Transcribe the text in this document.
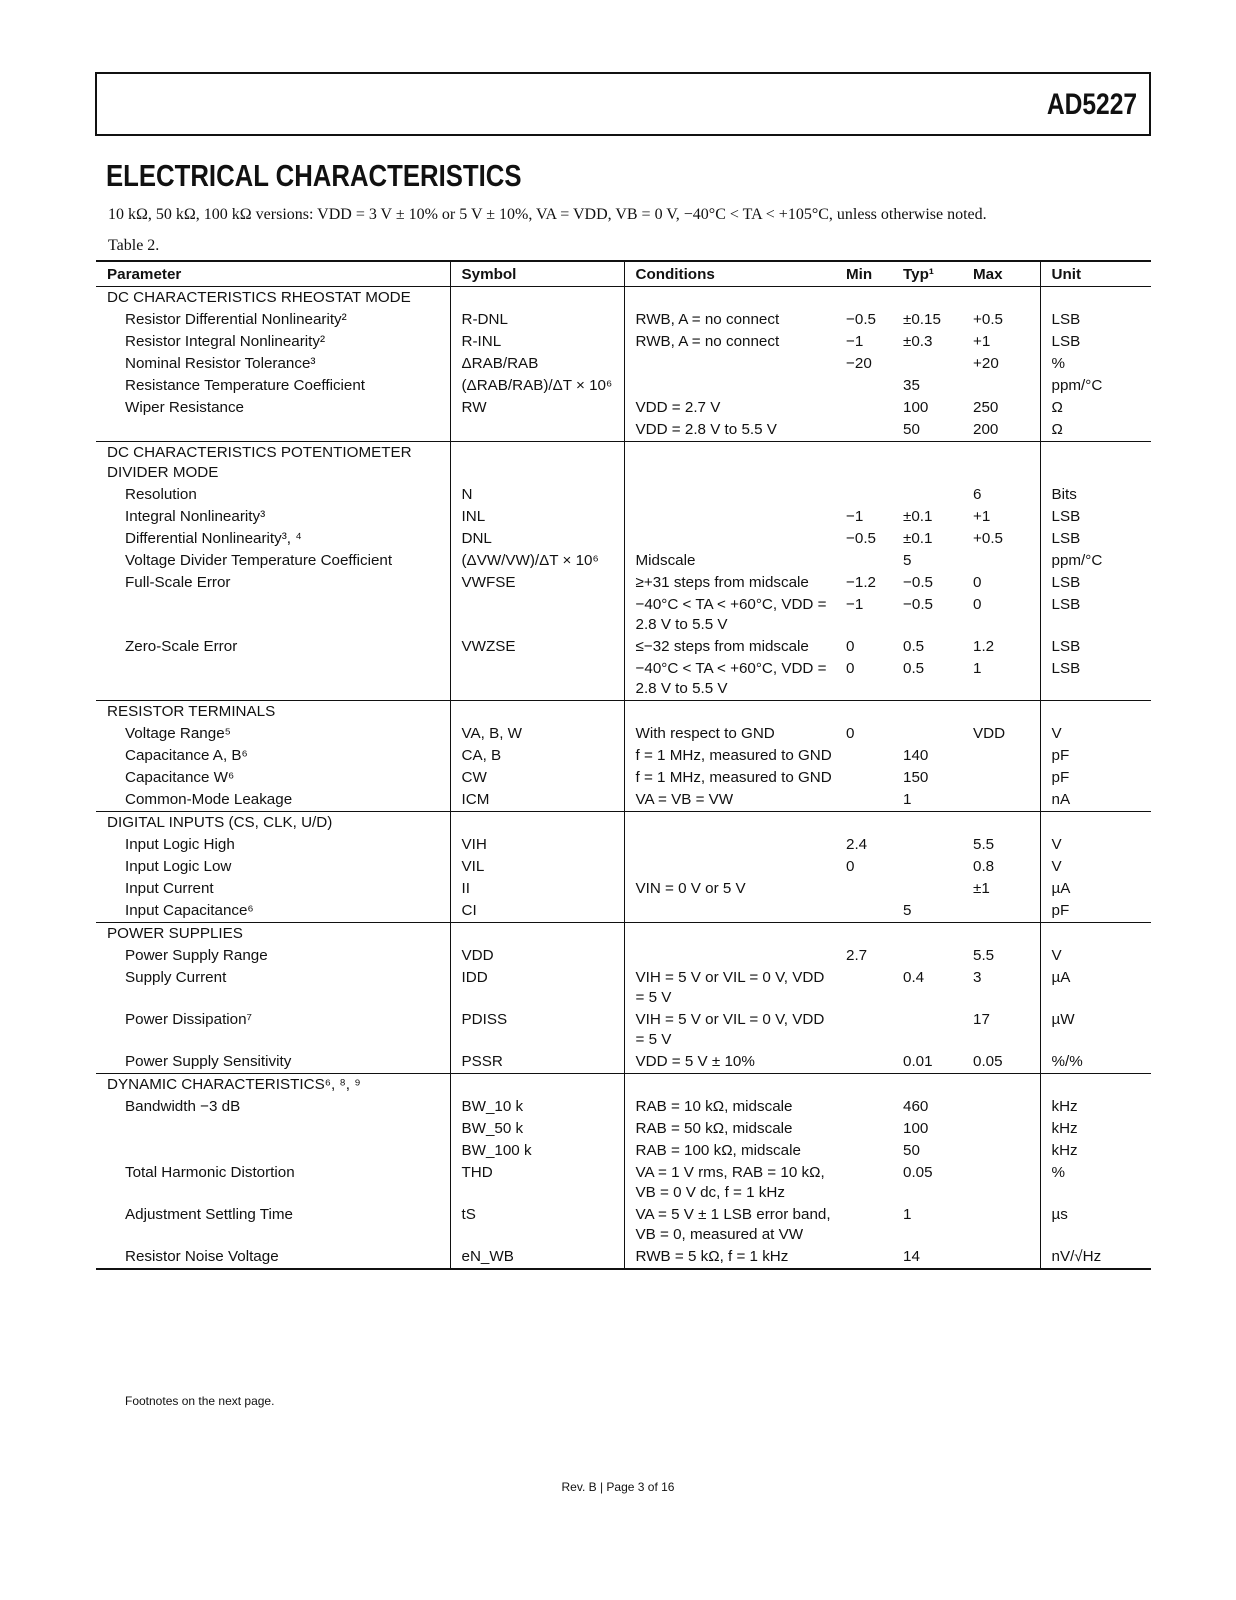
AD5227
ELECTRICAL CHARACTERISTICS
10 kΩ, 50 kΩ, 100 kΩ versions: VDD = 3 V ± 10% or 5 V ± 10%, VA = VDD, VB = 0 V, −40°C < TA < +105°C, unless otherwise noted.
Table 2.
Parameter	Symbol	Conditions	Min	Typ¹	Max	Unit
DC CHARACTERISTICS RHEOSTAT MODE						
Resistor Differential Nonlinearity²	R-DNL	RWB, A = no connect	−0.5	±0.15	+0.5	LSB
Resistor Integral Nonlinearity²	R-INL	RWB, A = no connect	−1	±0.3	+1	LSB
Nominal Resistor Tolerance³	ΔRAB/RAB		−20		+20	%
Resistance Temperature Coefficient	(ΔRAB/RAB)/ΔT × 10⁶			35		ppm/°C
Wiper Resistance	RW	VDD = 2.7 V		100	250	Ω
		VDD = 2.8 V to 5.5 V		50	200	Ω
DC CHARACTERISTICS POTENTIOMETER DIVIDER MODE						
Resolution	N				6	Bits
Integral Nonlinearity³	INL		−1	±0.1	+1	LSB
Differential Nonlinearity³, ⁴	DNL		−0.5	±0.1	+0.5	LSB
Voltage Divider Temperature Coefficient	(ΔVW/VW)/ΔT × 10⁶	Midscale		5		ppm/°C
Full-Scale Error	VWFSE	≥+31 steps from midscale	−1.2	−0.5	0	LSB
		−40°C < TA < +60°C, VDD = 2.8 V to 5.5 V	−1	−0.5	0	LSB
Zero-Scale Error	VWZSE	≤−32 steps from midscale	0	0.5	1.2	LSB
		−40°C < TA < +60°C, VDD = 2.8 V to 5.5 V	0	0.5	1	LSB
RESISTOR TERMINALS						
Voltage Range⁵	VA, B, W	With respect to GND	0		VDD	V
Capacitance A, B⁶	CA, B	f = 1 MHz, measured to GND		140		pF
Capacitance W⁶	CW	f = 1 MHz, measured to GND		150		pF
Common-Mode Leakage	ICM	VA = VB = VW		1		nA
DIGITAL INPUTS (CS, CLK, U/D)						
Input Logic High	VIH		2.4		5.5	V
Input Logic Low	VIL		0		0.8	V
Input Current	II	VIN = 0 V or 5 V			±1	µA
Input Capacitance⁶	CI			5		pF
POWER SUPPLIES						
Power Supply Range	VDD		2.7		5.5	V
Supply Current	IDD	VIH = 5 V or VIL = 0 V, VDD = 5 V		0.4	3	µA
Power Dissipation⁷	PDISS	VIH = 5 V or VIL = 0 V, VDD = 5 V			17	µW
Power Supply Sensitivity	PSSR	VDD = 5 V ± 10%		0.01	0.05	%/%
DYNAMIC CHARACTERISTICS⁶, ⁸, ⁹						
Bandwidth −3 dB	BW_10 k	RAB = 10 kΩ, midscale		460		kHz
	BW_50 k	RAB = 50 kΩ, midscale		100		kHz
	BW_100 k	RAB = 100 kΩ, midscale		50		kHz
Total Harmonic Distortion	THD	VA = 1 V rms, RAB = 10 kΩ, VB = 0 V dc, f = 1 kHz		0.05		%
Adjustment Settling Time	tS	VA = 5 V ± 1 LSB error band, VB = 0, measured at VW		1		µs
Resistor Noise Voltage	eN_WB	RWB = 5 kΩ, f = 1 kHz		14		nV/√Hz
Footnotes on the next page.
Rev. B | Page 3 of 16
